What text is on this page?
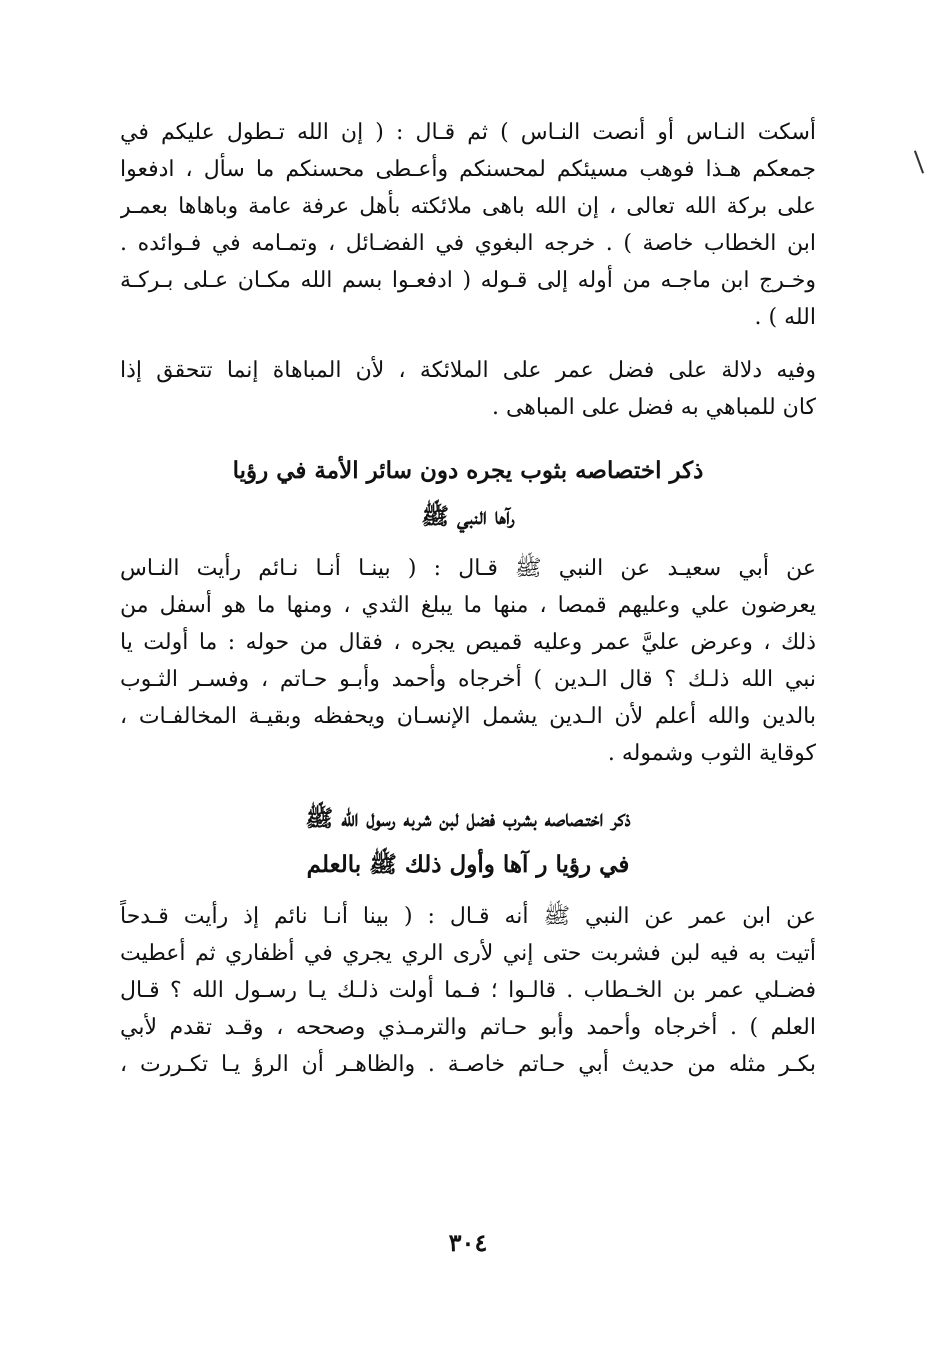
أسكت النـاس أو أنصت النـاس ) ثم قـال : ( إن الله تـطول عليكم في
جمعكم هـذا فوهب مسيئكم لمحسنكم وأعـطى محسنكم ما سأل ، ادفعوا
على بركة الله تعالى ، إن الله باهى ملائكته بأهل عرفة عامة وباهاها بعمـر
ابن الخطاب خاصة ) . خرجه البغوي في الفضـائل ، وتمـامه في فـوائده .
وخـرج ابن ماجـه من أوله إلى قـوله ( ادفعـوا بسم الله مكـان عـلى بـركـة
الله ) .

وفيه دلالة على فضل عمر على الملائكة ، لأن المباهاة إنما تتحقق إذا
كان للمباهي به فضل على المباهى .

ذكر اختصاصه بثوب يجره دون سائر الأمة في رؤيا
رآها النبي ﷺ

عن أبي سعيـد عن النبي ﷺ قـال : ( بينـا أنـا نـائم رأيت النـاس
يعرضون علي وعليهم قمصا ، منها ما يبلغ الثدي ، ومنها ما هو أسفل من
ذلك ، وعرض عليَّ عمر وعليه قميص يجره ، فقال من حوله : ما أولت يا
نبي الله ذلـك ؟ قال الـدين ) أخرجاه وأحمد وأبـو حـاتم ، وفسـر الثـوب
بالدين والله أعلم لأن الـدين يشمل الإنسـان ويحفظه وبقيـة المخالفـات ،
كوقاية الثوب وشموله .

ذكر اختـصاصه بشرب فضل لبن شربه رسول الله ﷺ
في رؤيا ر آها وأول ذلك ﷺ بالعلم

عن ابن عمر عن النبي ﷺ أنه قـال : ( بينا أنـا نائم إذ رأيت قـدحاً
أتيت به فيه لبن فشربت حتى إني لأرى الري يجري في أظفاري ثم أعطيت
فضـلي عمر بن الخـطاب . قالـوا ؛ فـما أولت ذلـك يـا رسـول الله ؟ قـال
العلم ) . أخرجاه وأحمد وأبو حـاتم والترمـذي وصححه ، وقـد تقدم لأبي
بكـر مثله من حديث أبي حـاتم خاصـة . والظاهـر أن الرؤ يـا تكـررت ،

٣٠٤
